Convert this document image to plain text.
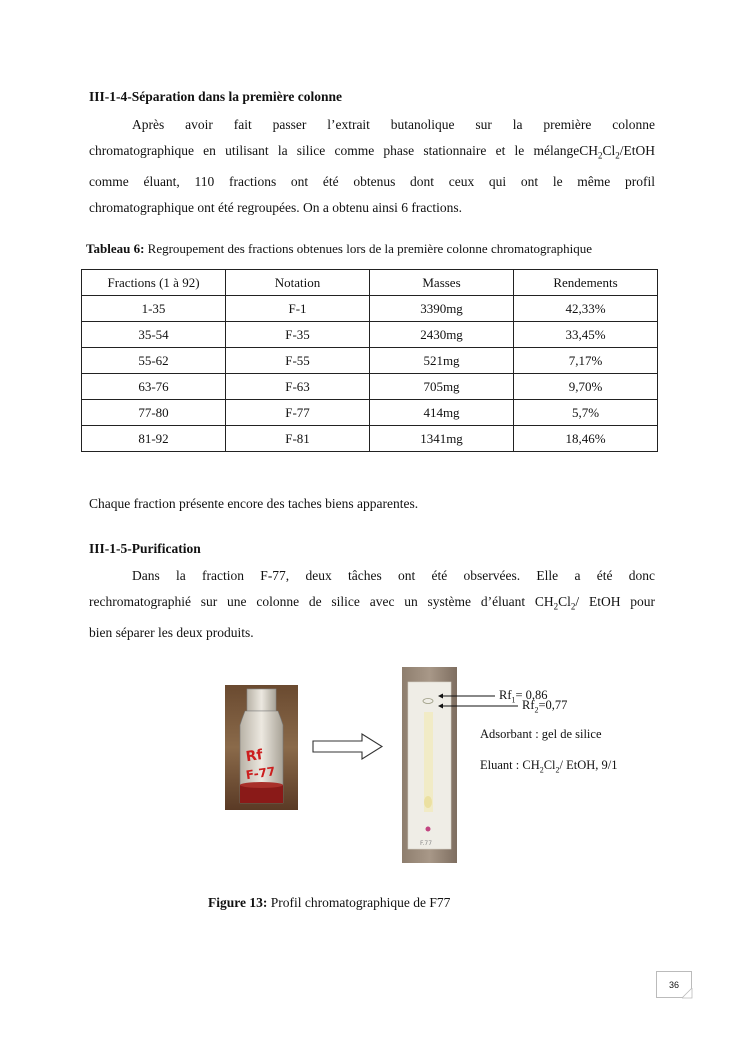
III-1-4-Séparation dans la première colonne
Après avoir fait passer l’extrait butanolique sur la première colonne
chromatographique en utilisant la silice comme phase stationnaire et le $mélangeCH_2Cl_2$/EtOH
comme éluant, 110 fractions ont été obtenus dont ceux qui ont le même profil
chromatographique ont été regroupées. On a obtenu ainsi 6 fractions.
Tableau 6: Regroupement des fractions obtenues lors de la première colonne chromatographique
Fractions (1 à 92)	Notation	Masses	Rendements
1-35	F-1	3390mg	42,33%
35-54	F-35	2430mg	33,45%
55-62	F-55	521mg	7,17%
63-76	F-63	705mg	9,70%
77-80	F-77	414mg	5,7%
81-92	F-81	1341mg	18,46%
Chaque fraction présente encore des taches biens apparentes.
III-1-5-Purification
Dans la fraction F-77, deux tâches ont été observées. Elle a été donc
rechromatographié sur une colonne de silice avec un système d’éluant $CH_2Cl_2/$ EtOH pour
bien séparer les deux produits.
Rf
F-77
F.77
$Rf_1= 0,86$
$Rf_2=0,77$
Adsorbant : gel de silice
Eluant : $CH_2Cl_2/$ EtOH, 9/1
Figure 13: Profil chromatographique de F77
36
